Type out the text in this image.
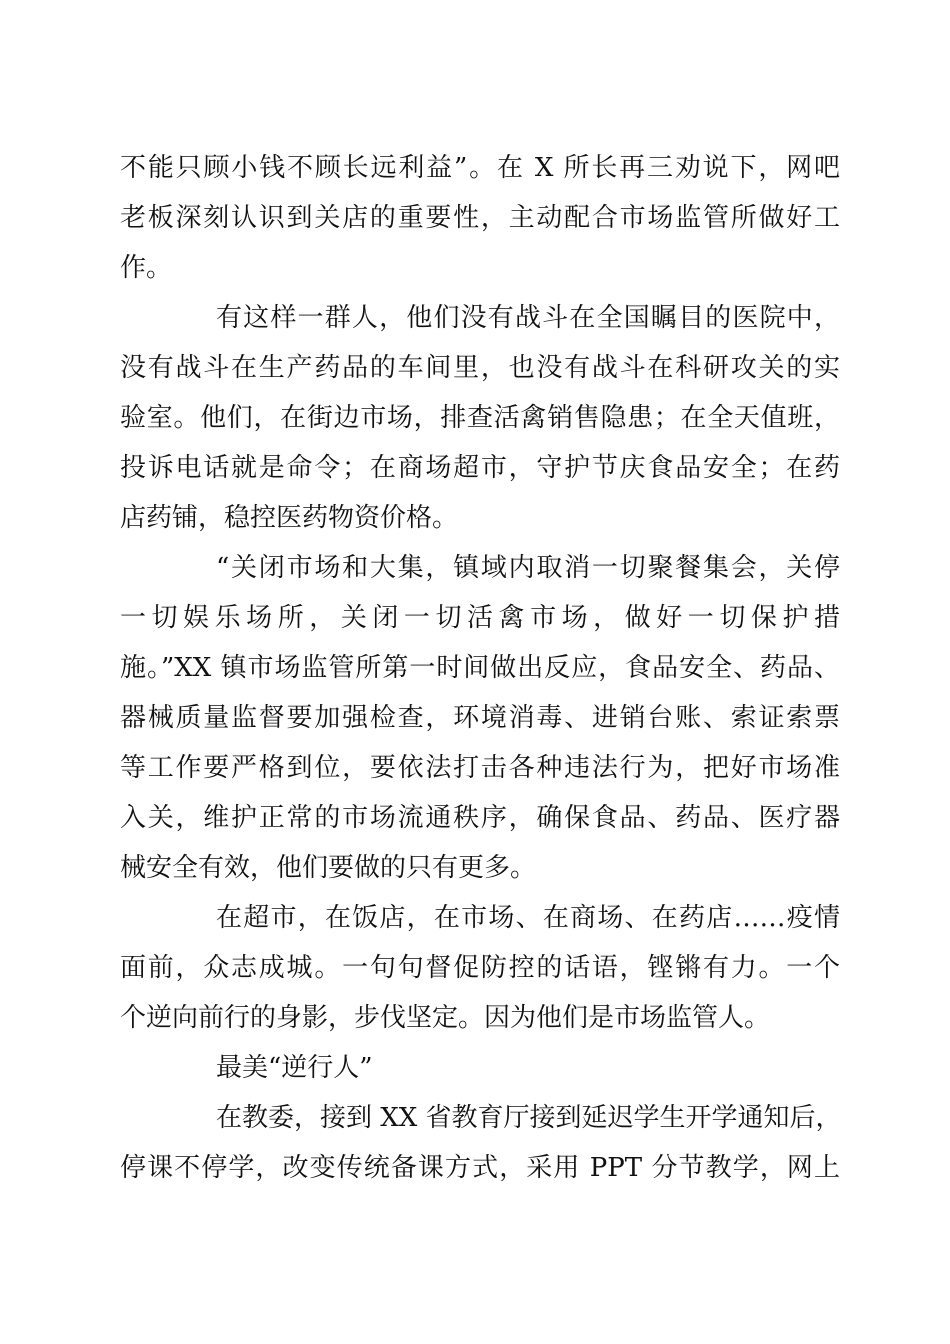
不能只顾小钱不顾长远利益”。在 X 所长再三劝说下，网吧
老板深刻认识到关店的重要性，主动配合市场监管所做好工
作。
有这样一群人，他们没有战斗在全国瞩目的医院中，
没有战斗在生产药品的车间里，也没有战斗在科研攻关的实
验室。他们，在街边市场，排查活禽销售隐患；在全天值班，
投诉电话就是命令；在商场超市，守护节庆食品安全；在药
店药铺，稳控医药物资价格。
“关闭市场和大集，镇域内取消一切聚餐集会，关停
一切娱乐场所，关闭一切活禽市场，做好一切保护措
施。”XX 镇市场监管所第一时间做出反应，食品安全、药品、
器械质量监督要加强检查，环境消毒、进销台账、索证索票
等工作要严格到位，要依法打击各种违法行为，把好市场准
入关，维护正常的市场流通秩序，确保食品、药品、医疗器
械安全有效，他们要做的只有更多。
在超市，在饭店，在市场、在商场、在药店……疫情
面前，众志成城。一句句督促防控的话语，铿锵有力。一个
个逆向前行的身影，步伐坚定。因为他们是市场监管人。
最美“逆行人”
在教委，接到 XX 省教育厅接到延迟学生开学通知后，
停课不停学，改变传统备课方式，采用 PPT 分节教学，网上
